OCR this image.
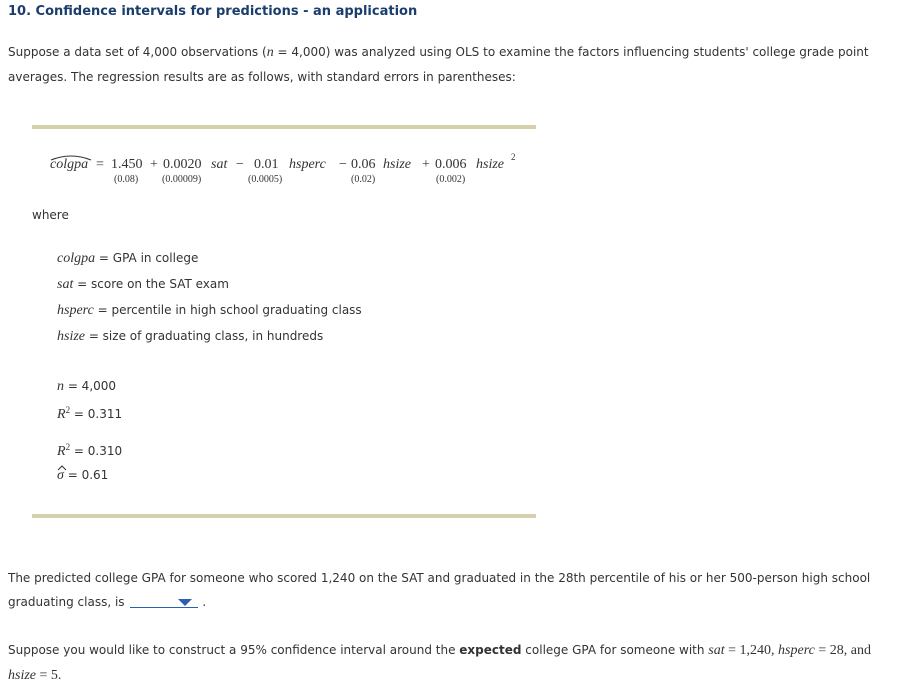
10. Confidence intervals for predictions - an application
Suppose a data set of 4,000 observations (n = 4,000) was analyzed using OLS to examine the factors influencing students' college grade point averages. The regression results are as follows, with standard errors in parentheses:
colgpa = 1.450
(0.08)
+ 0.0020 sat
(0.00009)
− 0.01 hsperc
(0.0005)
− 0.06 hsize
(0.02)
+ 0.006 hsize 2
(0.002)
where
colgpa = GPA in college
sat = score on the SAT exam
hsperc = percentile in high school graduating class
hsize = size of graduating class, in hundreds
n = 4,000
$R^2 = 0.311$
$R^2 = 0.310$
σ
= 0.61
The predicted college GPA for someone who scored 1,240 on the SAT and graduated in the 28th percentile of his or her 500-person high school graduating class, is	.
Suppose you would like to construct a 95% confidence interval around the expected college GPA for someone with sat = 1,240, hsperc = 28, and
hsize = 5.
